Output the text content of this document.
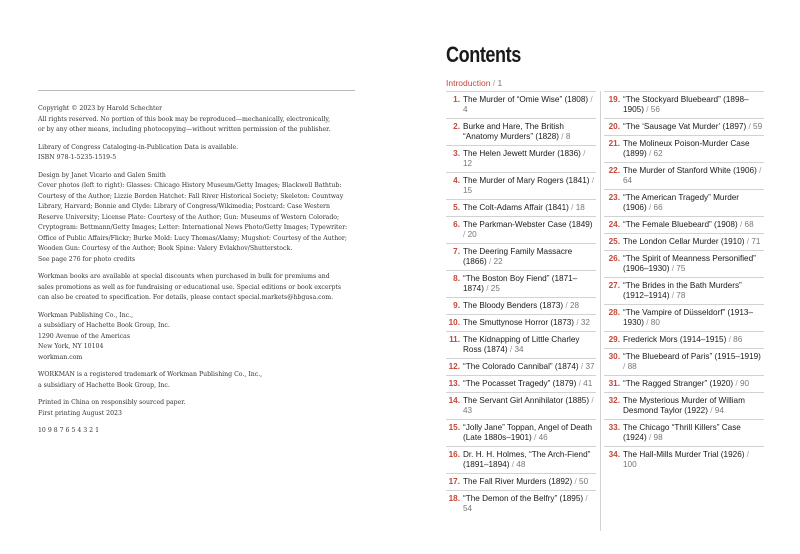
Copyright © 2023 by Harold Schechter
All rights reserved. No portion of this book may be reproduced—mechanically, electronically,
or by any other means, including photocopying—without written permission of the publisher.

Library of Congress Cataloging-in-Publication Data is available.
ISBN 978-1-5235-1519-5

Design by Janet Vicario and Galen Smith
Cover photos (left to right): Glasses: Chicago History Museum/Getty Images; Blackwell Bathtub:
Courtesy of the Author; Lizzie Borden Hatchet: Fall River Historical Society; Skeleton: Countway
Library, Harvard; Bonnie and Clyde: Library of Congress/Wikimedia; Postcard: Case Western
Reserve University; License Plate: Courtesy of the Author; Gun: Museums of Western Colorado;
Cryptogram: Bettmann/Getty Images; Letter: International News Photo/Getty Images; Typewriter:
Office of Public Affairs/Flickr; Burke Mold: Lucy Thomas/Alamy; Mugshot: Courtesy of the Author;
Wooden Gun: Courtesy of the Author; Book Spine: Valery Evlakhov/Shutterstock.
See page 276 for photo credits

Workman books are available at special discounts when purchased in bulk for premiums and
sales promotions as well as for fundraising or educational use. Special editions or book excerpts
can also be created to specification. For details, please contact special.markets@hbgusa.com.

Workman Publishing Co., Inc.,
a subsidiary of Hachette Book Group, Inc.
1290 Avenue of the Americas
New York, NY 10104
workman.com

WORKMAN is a registered trademark of Workman Publishing Co., Inc.,
a subsidiary of Hachette Book Group, Inc.

Printed in China on responsibly sourced paper.
First printing August 2023

10 9 8 7 6 5 4 3 2 1

Contents
Introduction / 1
1. The Murder of “Omie Wise” (1808) / 4
2. Burke and Hare, The British “Anatomy Murders” (1828) / 8
3. The Helen Jewett Murder (1836) / 12
4. The Murder of Mary Rogers (1841) / 15
5. The Colt-Adams Affair (1841) / 18
6. The Parkman-Webster Case (1849) / 20
7. The Deering Family Massacre (1866) / 22
8. “The Boston Boy Fiend” (1871–1874) / 25
9. The Bloody Benders (1873) / 28
10. The Smuttynose Horror (1873) / 32
11. The Kidnapping of Little Charley Ross (1874) / 34
12. “The Colorado Cannibal” (1874) / 37
13. “The Pocasset Tragedy” (1879) / 41
14. The Servant Girl Annihilator (1885) / 43
15. “Jolly Jane” Toppan, Angel of Death (Late 1880s–1901) / 46
16. Dr. H. H. Holmes, “The Arch-Fiend” (1891–1894) / 48
17. The Fall River Murders (1892) / 50
18. “The Demon of the Belfry” (1895) / 54
19. “The Stockyard Bluebeard” (1898–1905) / 56
20. “The ‘Sausage Vat Murder’ (1897) / 59
21. The Molineux Poison-Murder Case (1899) / 62
22. The Murder of Stanford White (1906) / 64
23. “The American Tragedy” Murder (1906) / 66
24. “The Female Bluebeard” (1908) / 68
25. The London Cellar Murder (1910) / 71
26. “The Spirit of Meanness Personified” (1906–1930) / 75
27. “The Brides in the Bath Murders” (1912–1914) / 78
28. “The Vampire of Düsseldorf” (1913–1930) / 80
29. Frederick Mors (1914–1915) / 86
30. “The Bluebeard of Paris” (1915–1919) / 88
31. “The Ragged Stranger” (1920) / 90
32. The Mysterious Murder of William Desmond Taylor (1922) / 94
33. The Chicago “Thrill Killers” Case (1924) / 98
34. The Hall-Mills Murder Trial (1926) / 100
